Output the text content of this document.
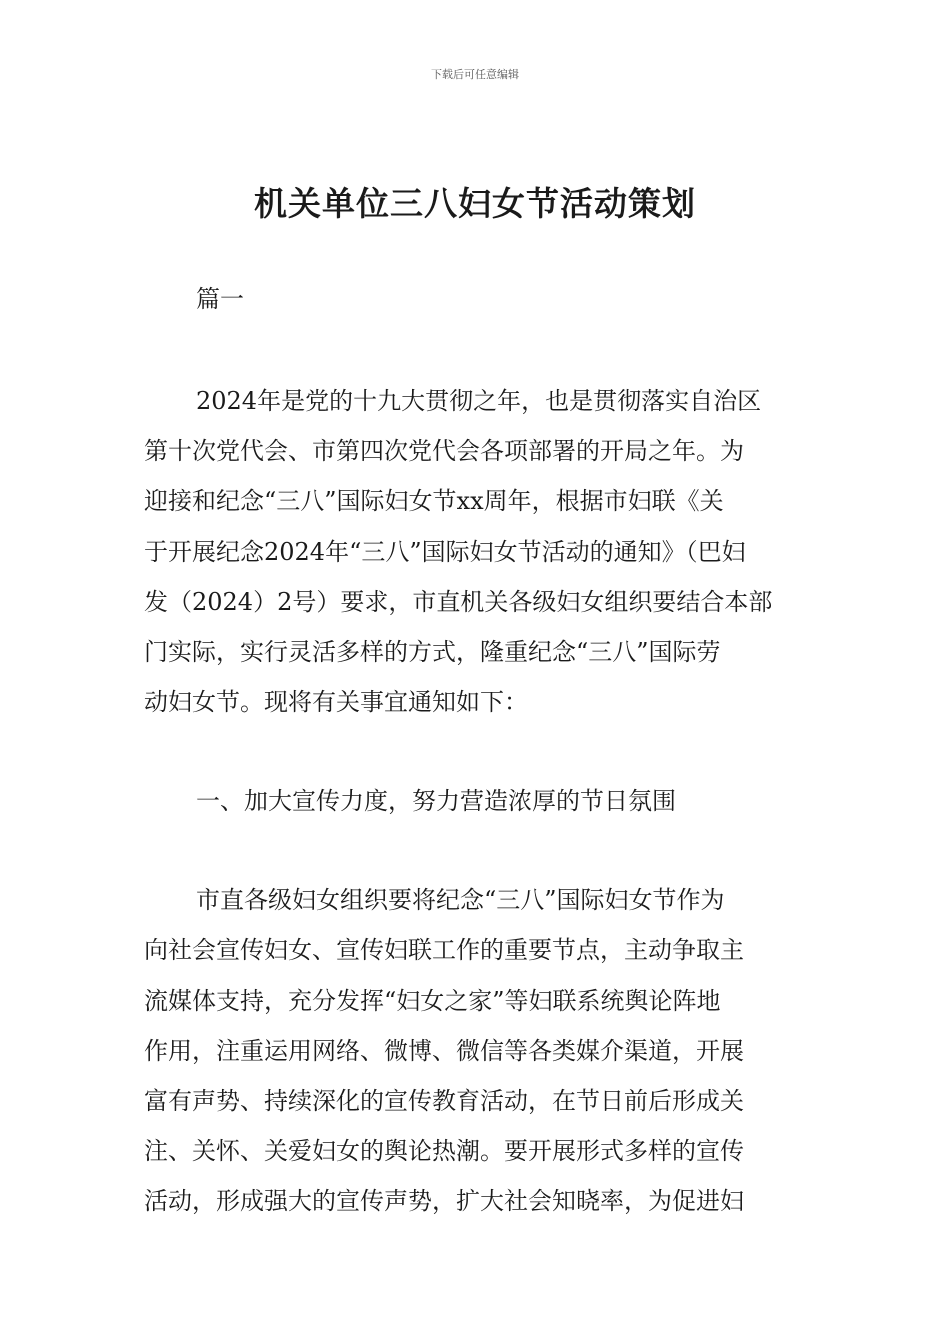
下载后可任意编辑
机关单位三八妇女节活动策划
篇一
2024年是党的十九大贯彻之年，也是贯彻落实自治区
第十次党代会、市第四次党代会各项部署的开局之年。为
迎接和纪念“三八”国际妇女节xx周年，根据市妇联《关
于开展纪念2024年“三八”国际妇女节活动的通知》（巴妇
发（2024）2号）要求，市直机关各级妇女组织要结合本部
门实际，实行灵活多样的方式，隆重纪念“三八”国际劳
动妇女节。现将有关事宜通知如下：
一、加大宣传力度，努力营造浓厚的节日氛围
市直各级妇女组织要将纪念“三八”国际妇女节作为
向社会宣传妇女、宣传妇联工作的重要节点，主动争取主
流媒体支持，充分发挥“妇女之家”等妇联系统舆论阵地
作用，注重运用网络、微博、微信等各类媒介渠道，开展
富有声势、持续深化的宣传教育活动，在节日前后形成关
注、关怀、关爱妇女的舆论热潮。要开展形式多样的宣传
活动，形成强大的宣传声势，扩大社会知晓率，为促进妇
